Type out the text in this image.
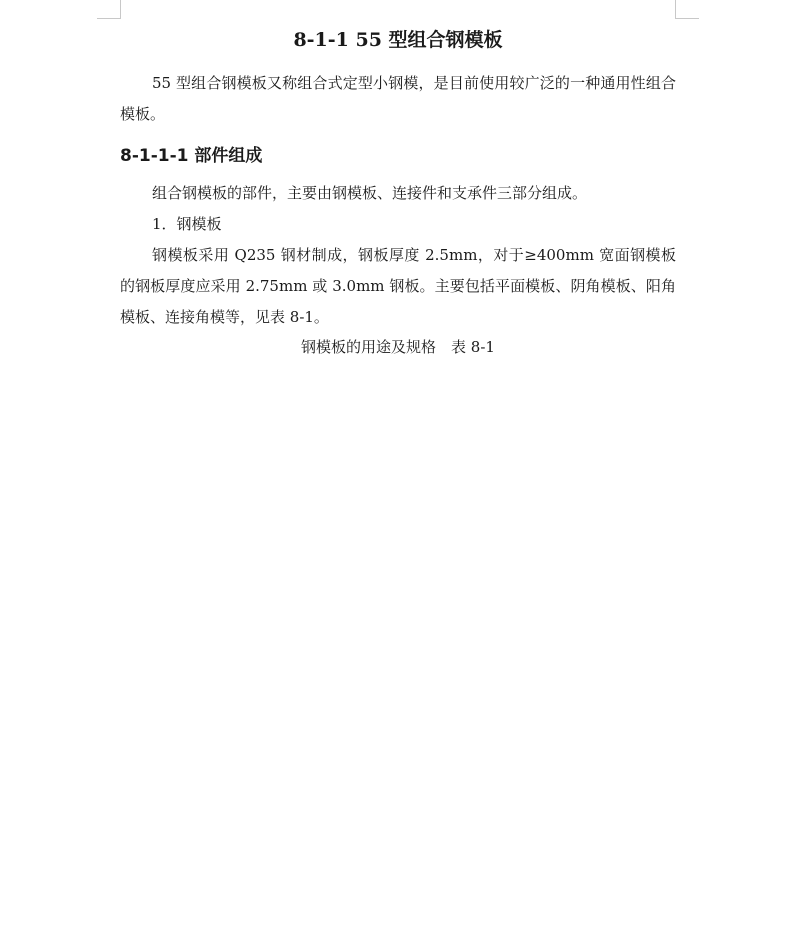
8-1-1 55 型组合钢模板

55 型组合钢模板又称组合式定型小钢模，是目前使用较广泛的一种通用性组合模板。

8-1-1-1 部件组成

组合钢模板的部件，主要由钢模板、连接件和支承件三部分组成。

1．钢模板

钢模板采用 Q235 钢材制成，钢板厚度 2.5mm，对于≥400mm 宽面钢模板的钢板厚度应采用 2.75mm 或 3.0mm 钢板。主要包括平面模板、阴角模板、阳角模板、连接角模等，见表 8-1。

钢模板的用途及规格　表 8-1
